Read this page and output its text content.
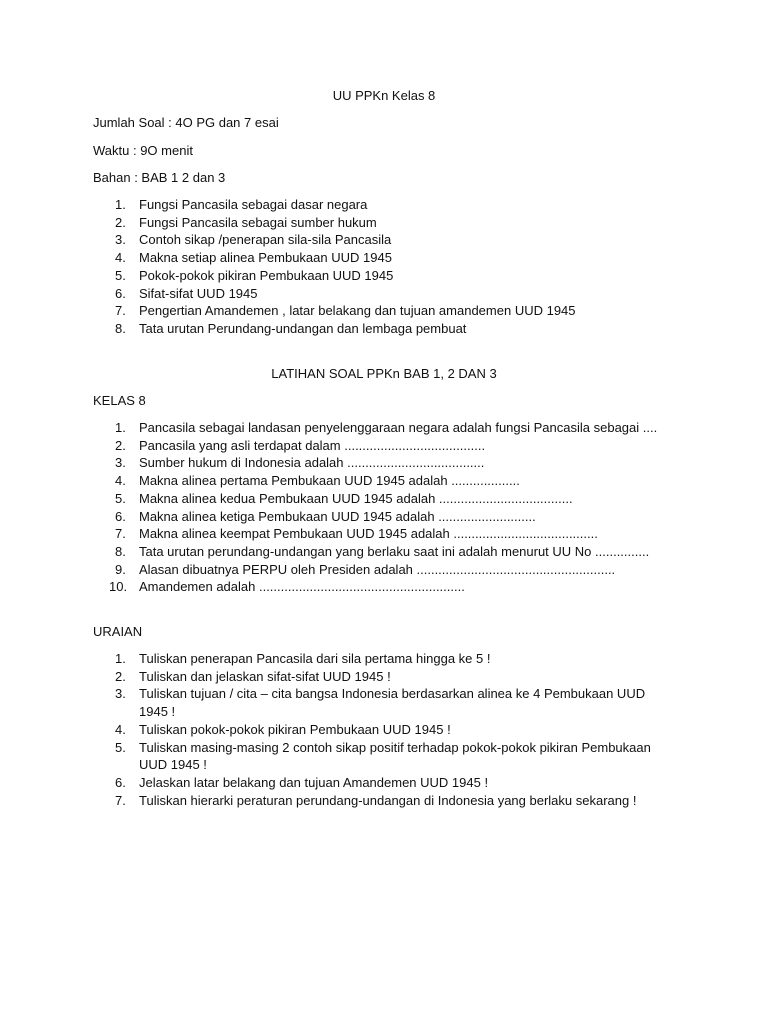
UU PPKn Kelas 8
Jumlah Soal : 4O PG dan 7 esai
Waktu : 9O menit
Bahan : BAB 1 2 dan 3
1. Fungsi Pancasila sebagai dasar negara
2. Fungsi Pancasila sebagai sumber hukum
3. Contoh sikap /penerapan sila-sila Pancasila
4. Makna setiap alinea Pembukaan UUD 1945
5. Pokok-pokok pikiran Pembukaan UUD 1945
6. Sifat-sifat UUD 1945
7. Pengertian Amandemen , latar belakang dan tujuan amandemen UUD 1945
8. Tata urutan Perundang-undangan dan lembaga pembuat
LATIHAN SOAL PPKn BAB 1, 2 DAN 3
KELAS 8
1. Pancasila sebagai landasan penyelenggaraan negara adalah fungsi Pancasila sebagai ....
2. Pancasila yang asli terdapat dalam .......................................
3. Sumber hukum di Indonesia adalah ......................................
4. Makna alinea pertama Pembukaan UUD 1945 adalah ...................
5. Makna alinea kedua Pembukaan UUD 1945 adalah .....................................
6. Makna alinea ketiga Pembukaan UUD 1945 adalah ...........................
7. Makna alinea keempat Pembukaan UUD 1945 adalah ........................................
8. Tata urutan perundang-undangan yang berlaku saat ini adalah menurut UU No ...............
9. Alasan dibuatnya PERPU oleh Presiden adalah .......................................................
10. Amandemen adalah .........................................................
URAIAN
1. Tuliskan penerapan Pancasila dari sila pertama hingga ke 5 !
2. Tuliskan dan jelaskan sifat-sifat UUD 1945 !
3. Tuliskan tujuan / cita – cita bangsa Indonesia berdasarkan alinea ke 4 Pembukaan UUD 1945 !
4. Tuliskan pokok-pokok pikiran Pembukaan UUD 1945 !
5. Tuliskan masing-masing 2 contoh sikap positif terhadap pokok-pokok pikiran Pembukaan UUD 1945 !
6. Jelaskan latar belakang dan tujuan Amandemen UUD 1945 !
7. Tuliskan hierarki peraturan perundang-undangan di Indonesia yang berlaku sekarang !
